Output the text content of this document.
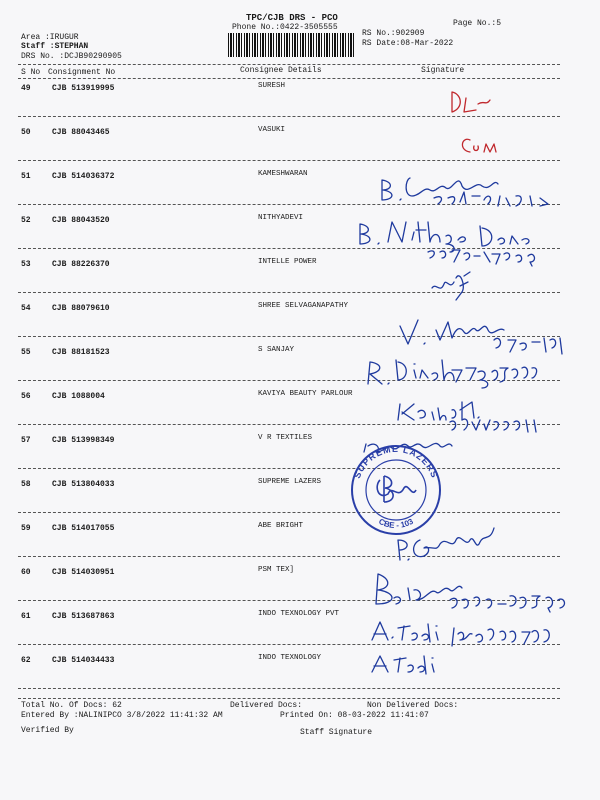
TPC/CJB DRS - PCO
Phone No.:0422-3505555	Page No.:5
Area :IRUGUR
Staff :STEPHAN
DRS No. :DCJB90290905
RS No.:902909
RS Date:08-Mar-2022
S No Consignment No	Consignee Details	Signature
49	CJB 513919995	SURESH
50	CJB 88043465	VASUKI
51	CJB 514036372	KAMESHWARAN
52	CJB 88043520	NITHYADEVI
53	CJB 88226370	INTELLE POWER
54	CJB 88079610	SHREE SELVAGANAPATHY
55	CJB 88181523	S SANJAY
56	CJB 1088004	KAVIYA BEAUTY PARLOUR
57	CJB 513998349	V R TEXTILES
58	CJB 513804033	SUPREME LAZERS
59	CJB 514017055	ABE BRIGHT
60	CJB 514030951	PSM TEX]
61	CJB 513687863	INDO TEXNOLOGY PVT
62	CJB 514034433	INDO TEXNOLOGY
Total No. Of Docs: 62	Delivered Docs:	Non Delivered Docs:
Entered By :NALINIPCO 3/8/2022 11:41:32 AM	Printed On: 08-03-2022 11:41:07
Verified By	Staff Signature
SUPREME LAZERS
CBE - 103
